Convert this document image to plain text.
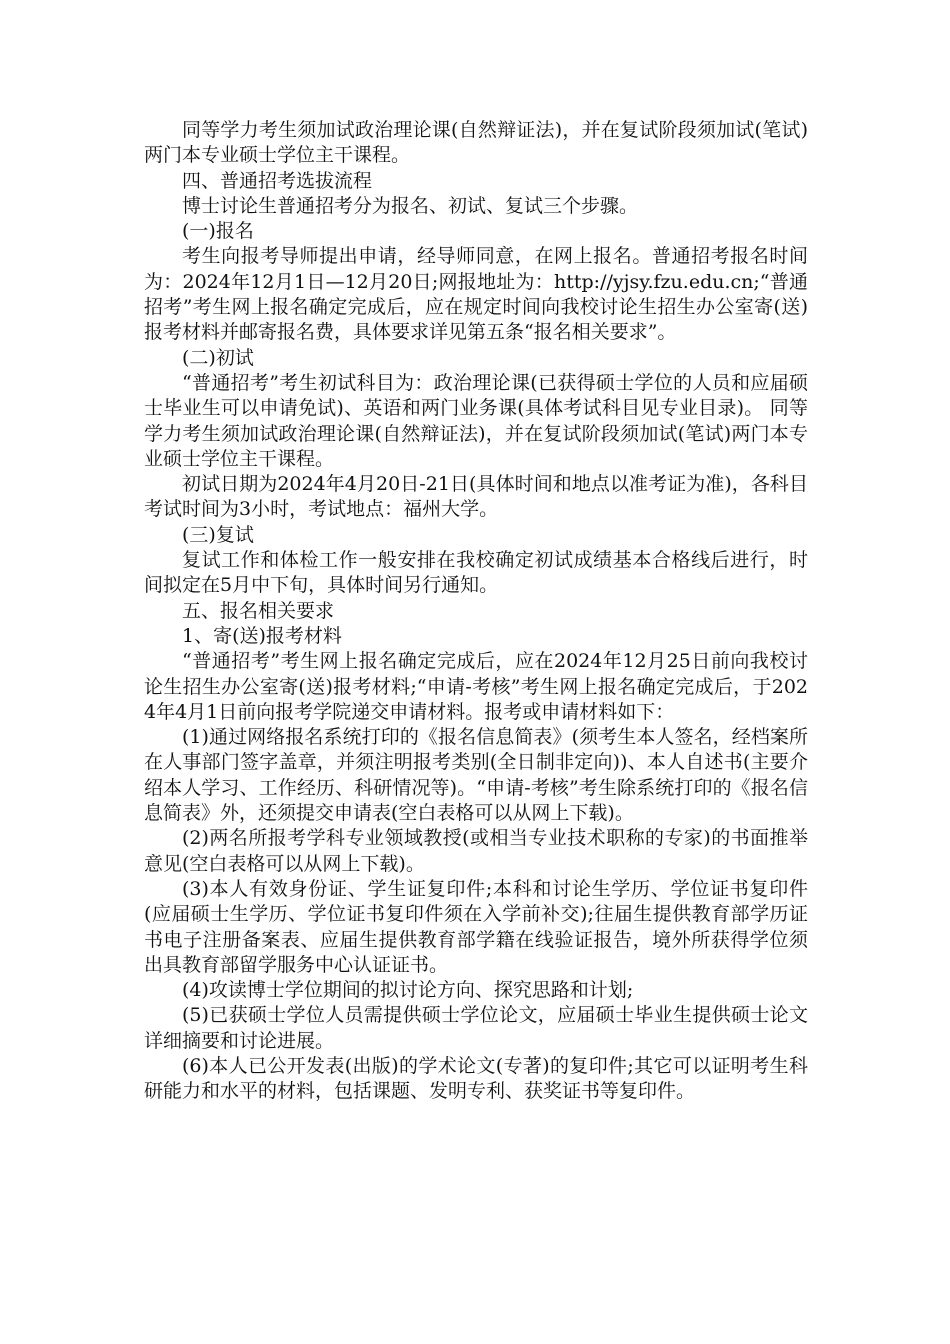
同等学力考生须加试政治理论课(自然辩证法)，并在复试阶段须加试(笔试)两门本专业硕士学位主干课程。

四、普通招考选拔流程

博士讨论生普通招考分为报名、初试、复试三个步骤。

(一)报名

考生向报考导师提出申请，经导师同意，在网上报名。普通招考报名时间为：2024年12月1日—12月20日;网报地址为：http://yjsy.fzu.edu.cn;“普通招考”考生网上报名确定完成后，应在规定时间向我校讨论生招生办公室寄(送)报考材料并邮寄报名费，具体要求详见第五条“报名相关要求”。

(二)初试

“普通招考”考生初试科目为：政治理论课(已获得硕士学位的人员和应届硕士毕业生可以申请免试)、英语和两门业务课(具体考试科目见专业目录)。 同等学力考生须加试政治理论课(自然辩证法)，并在复试阶段须加试(笔试)两门本专业硕士学位主干课程。

初试日期为2024年4月20日-21日(具体时间和地点以准考证为准)，各科目考试时间为3小时，考试地点：福州大学。

(三)复试

复试工作和体检工作一般安排在我校确定初试成绩基本合格线后进行，时间拟定在5月中下旬，具体时间另行通知。

五、报名相关要求

1、寄(送)报考材料

“普通招考”考生网上报名确定完成后，应在2024年12月25日前向我校讨论生招生办公室寄(送)报考材料;“申请-考核”考生网上报名确定完成后，于2024年4月1日前向报考学院递交申请材料。报考或申请材料如下：

(1)通过网络报名系统打印的《报名信息简表》(须考生本人签名，经档案所在人事部门签字盖章，并须注明报考类别(全日制非定向))、本人自述书(主要介绍本人学习、工作经历、科研情况等)。“申请-考核”考生除系统打印的《报名信息简表》外，还须提交申请表(空白表格可以从网上下载)。

(2)两名所报考学科专业领域教授(或相当专业技术职称的专家)的书面推举意见(空白表格可以从网上下载)。

(3)本人有效身份证、学生证复印件;本科和讨论生学历、学位证书复印件(应届硕士生学历、学位证书复印件须在入学前补交);往届生提供教育部学历证书电子注册备案表、应届生提供教育部学籍在线验证报告，境外所获得学位须出具教育部留学服务中心认证证书。

(4)攻读博士学位期间的拟讨论方向、探究思路和计划;

(5)已获硕士学位人员需提供硕士学位论文，应届硕士毕业生提供硕士论文详细摘要和讨论进展。

(6)本人已公开发表(出版)的学术论文(专著)的复印件;其它可以证明考生科研能力和水平的材料，包括课题、发明专利、获奖证书等复印件。
